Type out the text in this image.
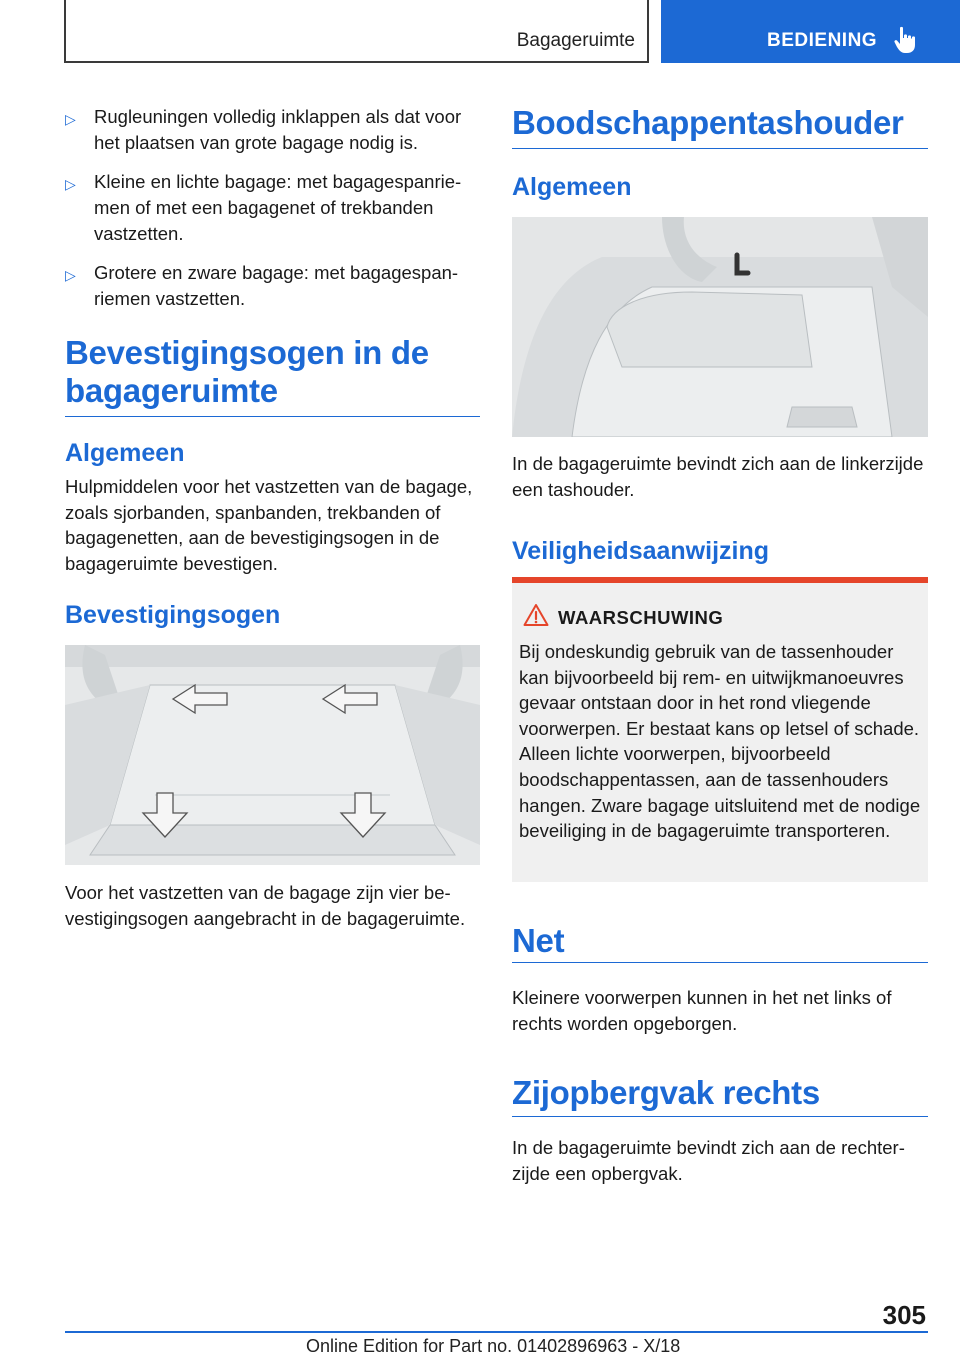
Bagageruimte	BEDIENING
▷ Rugleuningen volledig inklappen als dat voor het plaatsen van grote bagage nodig is.
▷ Kleine en lichte bagage: met bagagespanriemen of met een bagagenet of trekbanden vastzetten.
▷ Grotere en zware bagage: met bagagespanriemen vastzetten.
Bevestigingsogen in de
bagageruimte
Algemeen

Hulpmiddelen voor het vastzetten van de bagage, zoals sjorbanden, spanbanden, trekbanden of bagagenetten, aan de bevestigingsogen in de bagageruimte bevestigen.

Bevestigingsogen

Voor het vastzetten van de bagage zijn vier bevestigingsogen aangebracht in de bagageruimte.

Boodschappentashouder
Algemeen

In de bagageruimte bevindt zich aan de linkerzijde een tashouder.

Veiligheidsaanwijzing
WAARSCHUWING

Bij ondeskundig gebruik van de tassenhouder kan bijvoorbeeld bij rem- en uitwijkmanoeuvres gevaar ontstaan door in het rond vliegende voorwerpen. Er bestaat kans op letsel of schade. Alleen lichte voorwerpen, bijvoorbeeld boodschappentassen, aan de tassenhouders hangen. Zware bagage uitsluitend met de nodige beveiliging in de bagageruimte transporteren.

Net

Kleinere voorwerpen kunnen in het net links of rechts worden opgeborgen.

Zijopbergvak rechts

In de bagageruimte bevindt zich aan de rechterzijde een opbergvak.

305
Online Edition for Part no. 01402896963 - X/18
